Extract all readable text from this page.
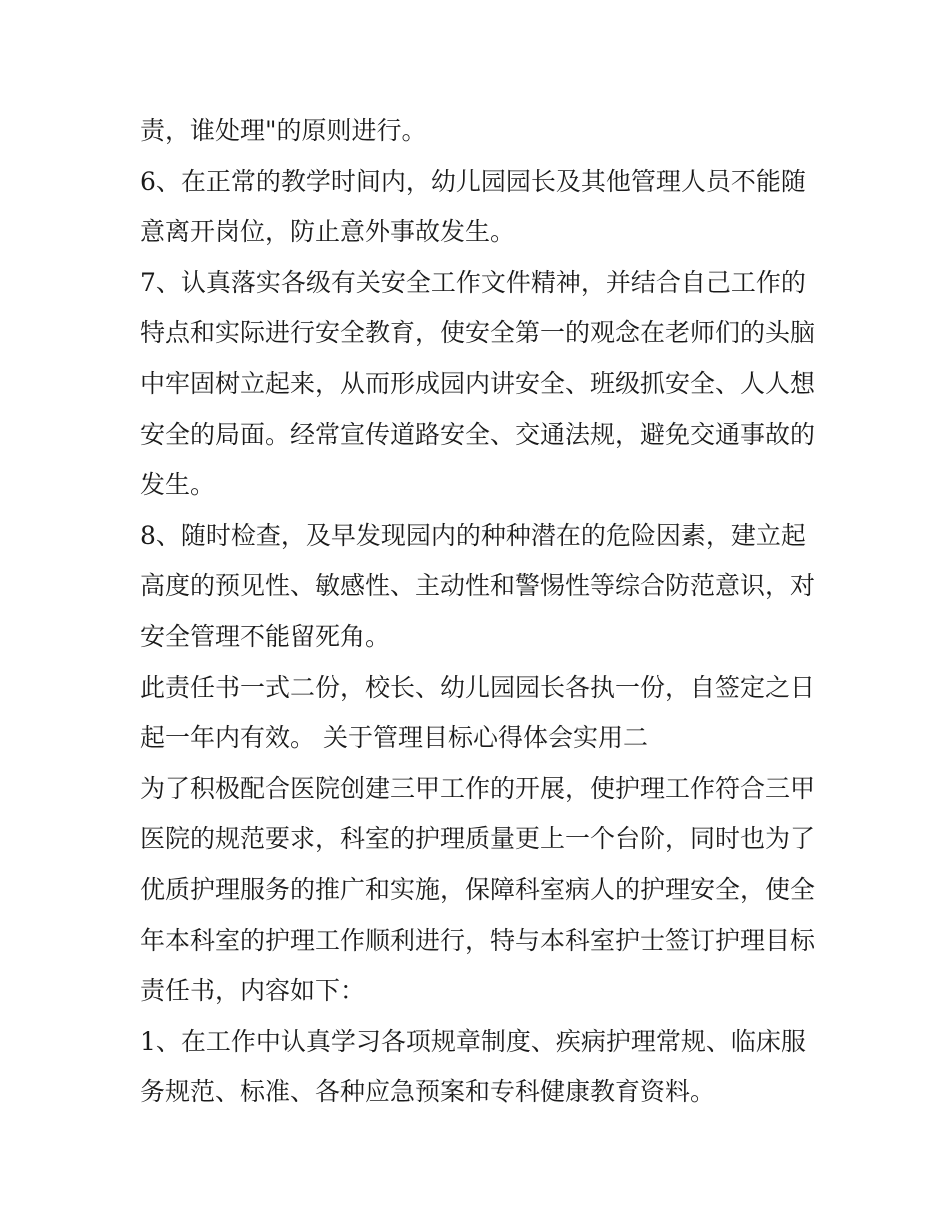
责，谁处理"的原则进行。
6、在正常的教学时间内，幼儿园园长及其他管理人员不能随
意离开岗位，防止意外事故发生。
7、认真落实各级有关安全工作文件精神，并结合自己工作的
特点和实际进行安全教育，使安全第一的观念在老师们的头脑
中牢固树立起来，从而形成园内讲安全、班级抓安全、人人想
安全的局面。经常宣传道路安全、交通法规，避免交通事故的
发生。
8、随时检查，及早发现园内的种种潜在的危险因素，建立起
高度的预见性、敏感性、主动性和警惕性等综合防范意识，对
安全管理不能留死角。
此责任书一式二份，校长、幼儿园园长各执一份，自签定之日
起一年内有效。 关于管理目标心得体会实用二
为了积极配合医院创建三甲工作的开展，使护理工作符合三甲
医院的规范要求，科室的护理质量更上一个台阶，同时也为了
优质护理服务的推广和实施，保障科室病人的护理安全，使全
年本科室的护理工作顺利进行，特与本科室护士签订护理目标
责任书，内容如下：
1、在工作中认真学习各项规章制度、疾病护理常规、临床服
务规范、标准、各种应急预案和专科健康教育资料。
